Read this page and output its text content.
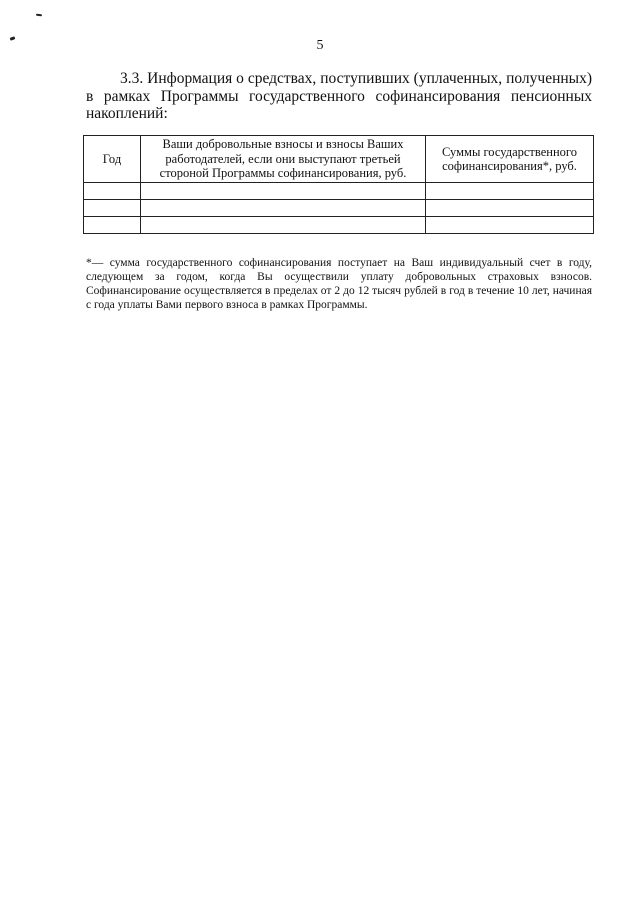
5

3.3. Информация о средствах, поступивших (уплаченных, полученных) в рамках Программы государственного софинансирования пенсионных накоплений:

Год	Ваши добровольные взносы и взносы Ваших работодателей, если они выступают третьей стороной Программы софинансирования, руб.	Суммы государственного софинансирования*, руб.

*— сумма государственного софинансирования поступает на Ваш индивидуальный счет в году, следующем за годом, когда Вы осуществили уплату добровольных страховых взносов. Софинансирование осуществляется в пределах от 2 до 12 тысяч рублей в год в течение 10 лет, начиная с года уплаты Вами первого взноса в рамках Программы.
